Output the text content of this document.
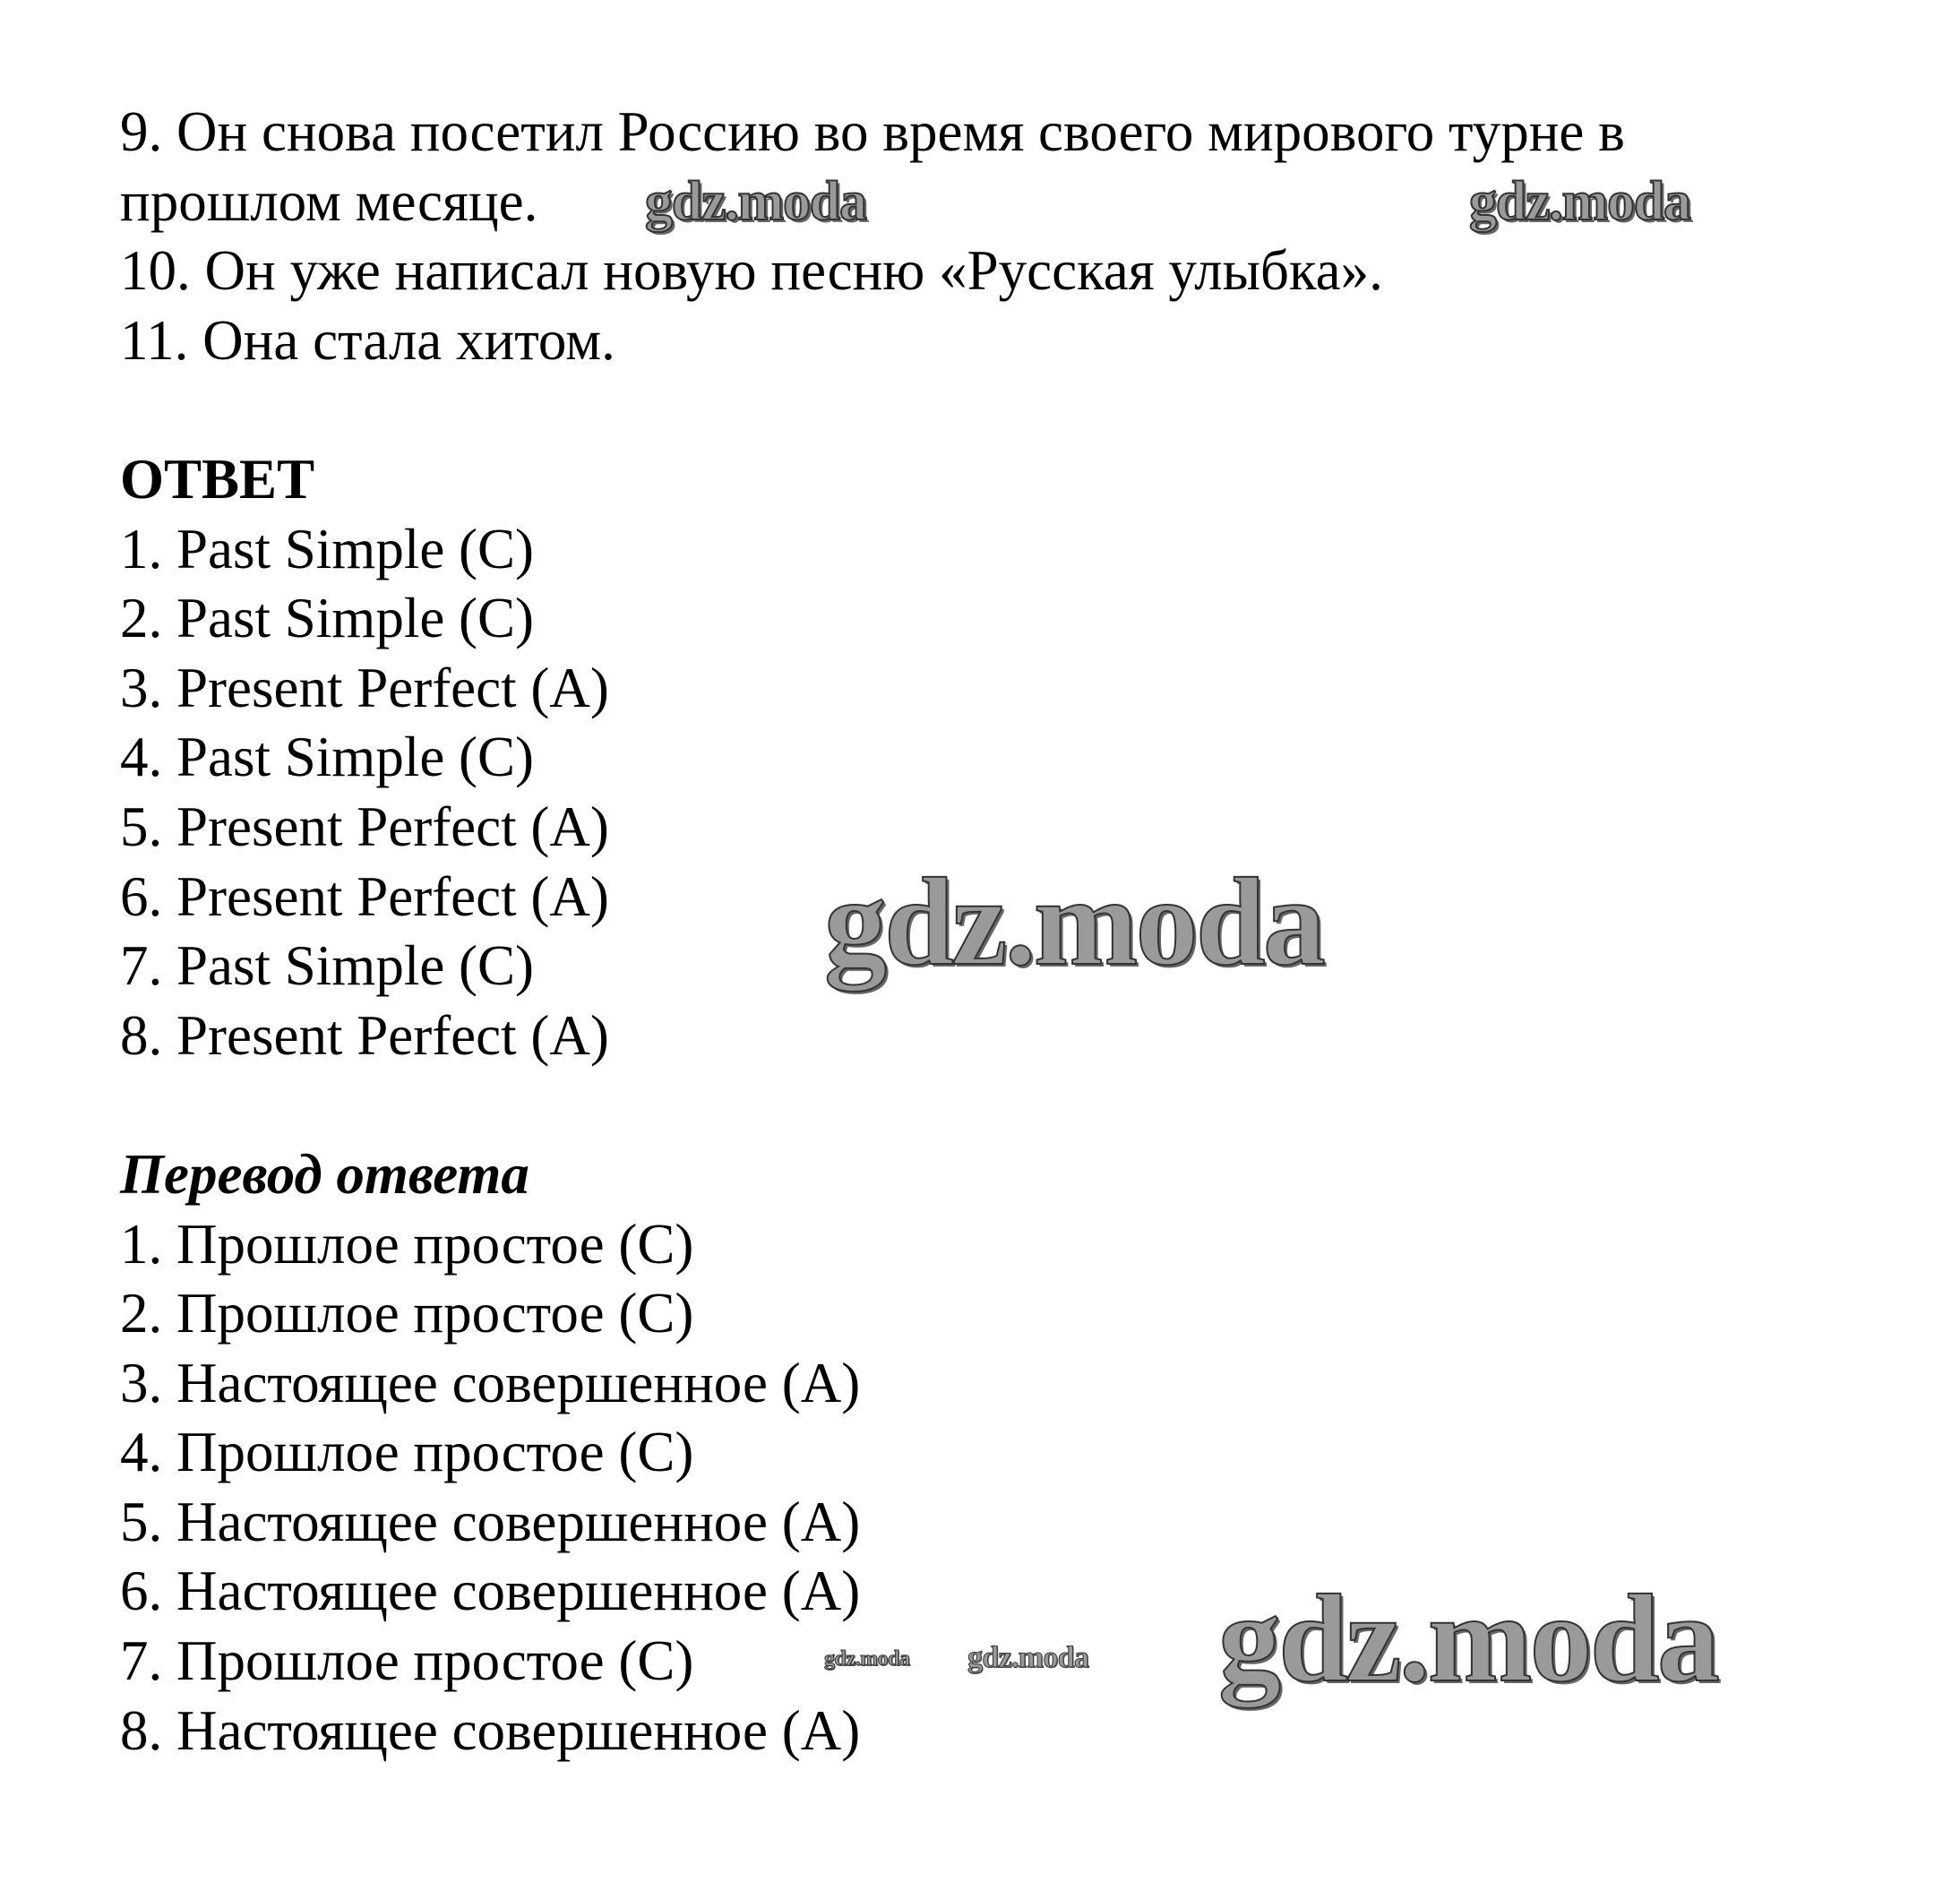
9. Он снова посетил Россию во время своего мирового турне в
прошлом месяце.
10. Он уже написал новую песню «Русская улыбка».
11. Она стала хитом.
ОТВЕТ
1. Past Simple (C)
2. Past Simple (C)
3. Present Perfect (A)
4. Past Simple (C)
5. Present Perfect (A)
6. Present Perfect (A)
7. Past Simple (C)
8. Present Perfect (A)
Перевод ответа
1. Прошлое простое (С)
2. Прошлое простое (С)
3. Настоящее совершенное (А)
4. Прошлое простое (С)
5. Настоящее совершенное (А)
6. Настоящее совершенное (А)
7. Прошлое простое (С)
8. Настоящее совершенное (А)
gdz.moda	gdz.moda
gdz.moda
gdz.moda gdz.moda gdz.moda
